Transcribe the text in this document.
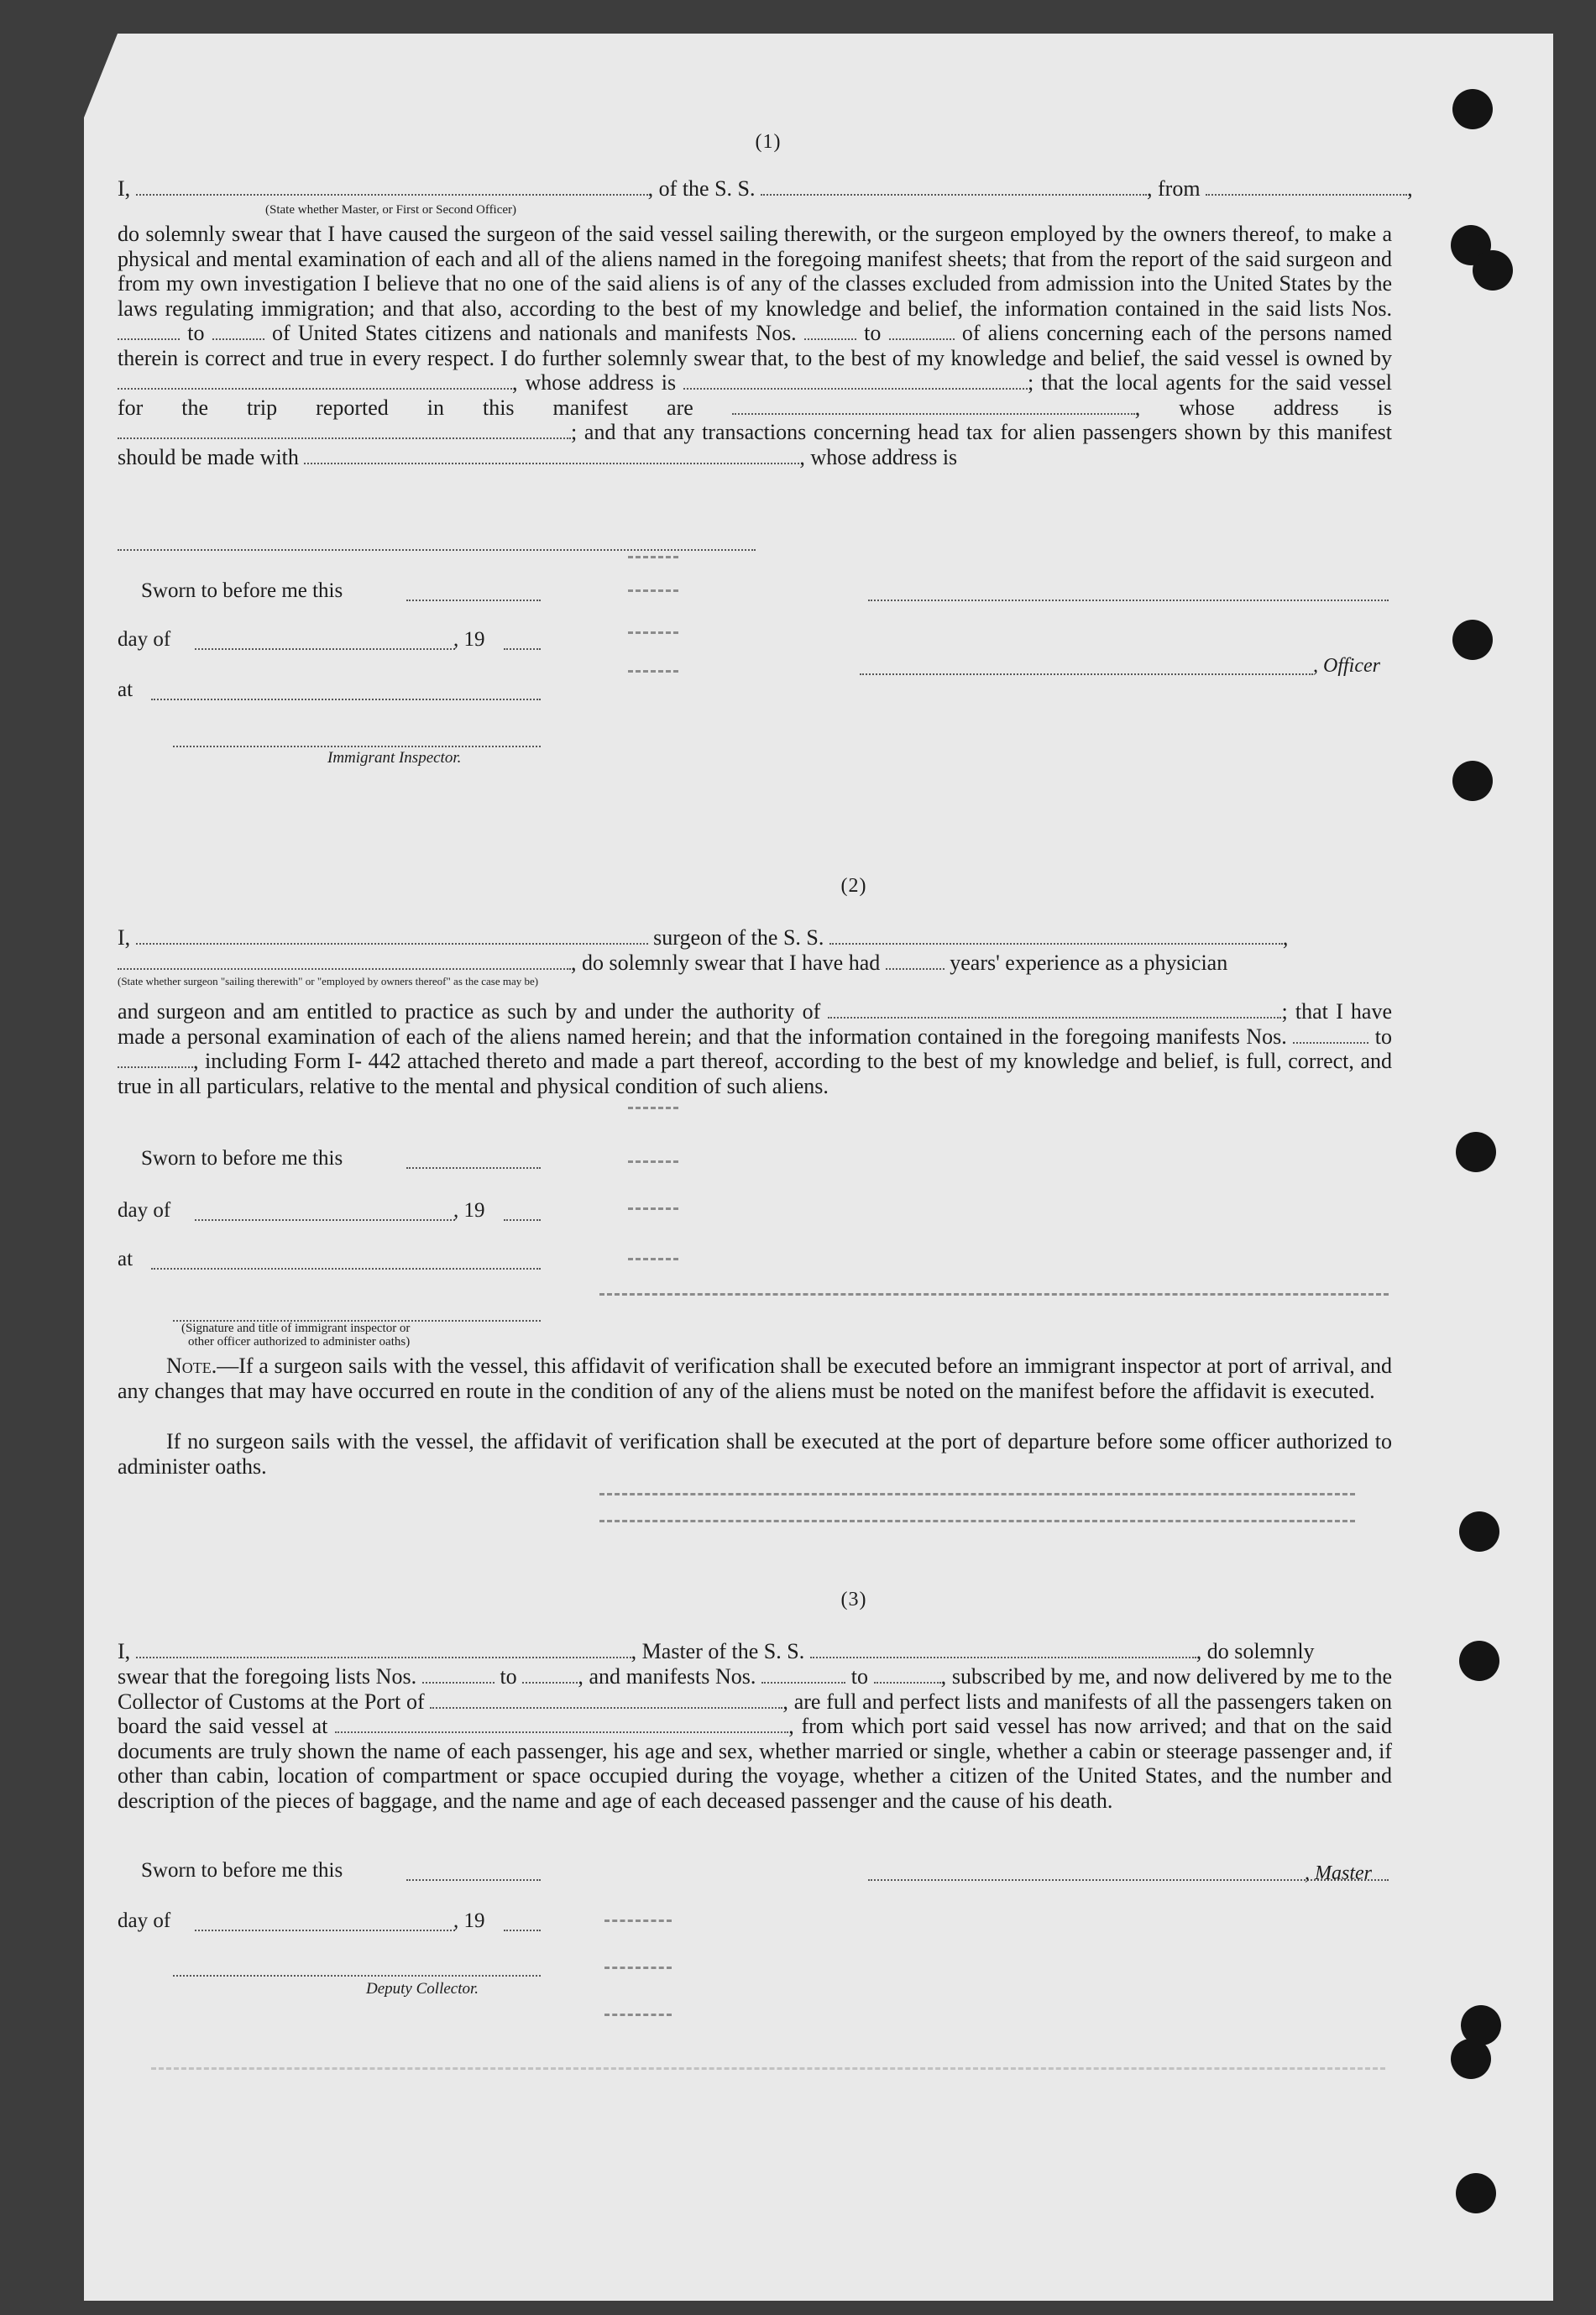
(1)
I,	, of the S. S.	, from	,
(State whether Master, or First or Second Officer)
do solemnly swear that I have caused the surgeon of the said vessel sailing therewith, or the surgeon employed by the owners thereof, to make a physical and mental examination of each and all of the aliens named in the foregoing manifest sheets; that from the report of the said surgeon and from my own investigation I believe that no one of the said aliens is of any of the classes excluded from admission into the United States by the laws regulating immigration; and that also, according to the best of my knowledge and belief, the information contained in the said lists Nos.  to	of United States citizens and nationals and manifests Nos.	to	of aliens concerning each of the persons named therein is correct and true in every respect. I do further solemnly swear that, to the best of my knowledge and belief, the said vessel is owned by , whose address is	; that the local agents for the said vessel for the trip reported in this manifest are	, whose address is ; and that any transactions concerning head tax for alien passengers shown by this manifest should be made with	, whose address is
Sworn to before me this
day of	, 19
at
Immigrant Inspector.
, Officer
(2)
I,	surgeon of the S. S.	,
, do solemnly swear that I have had	years' experience as a physician
(State whether surgeon "sailing therewith" or "employed by owners thereof" as the case may be)
and surgeon and am entitled to practice as such by and under the authority of	; that I have made a personal examination of each of the aliens named herein; and that the information contained in the foregoing manifests Nos.	to , including Form I- 442 attached thereto and made a part thereof, according to the best of my knowledge and belief, is full, correct, and true in all particulars, relative to the mental and physical condition of such aliens.
Sworn to before me this
day of	, 19
at
(Signature and title of immigrant inspector or
other officer authorized to administer oaths)
Note.—If a surgeon sails with the vessel, this affidavit of verification shall be executed before an immigrant inspector at port of arrival, and any changes that may have occurred en route in the condition of any of the aliens must be noted on the manifest before the affidavit is executed.
If no surgeon sails with the vessel, the affidavit of verification shall be executed at the port of departure before some officer authorized to administer oaths.
(3)
I,	, Master of the S. S.	, do solemnly
swear that the foregoing lists Nos.	to	, and manifests Nos.	to	, subscribed by me, and now delivered by me to the Collector of Customs at the Port of	, are full and perfect lists and manifests of all the passengers taken on board the said vessel at	, from which port said vessel has now arrived; and that on the said documents are truly shown the name of each passenger, his age and sex, whether married or single, whether a cabin or steerage passenger and, if other than cabin, location of compartment or space occupied during the voyage, whether a citizen of the United States, and the number and description of the pieces of baggage, and the name and age of each deceased passenger and the cause of his death.
Sworn to before me this	, Master
day of	, 19
Deputy Collector.
